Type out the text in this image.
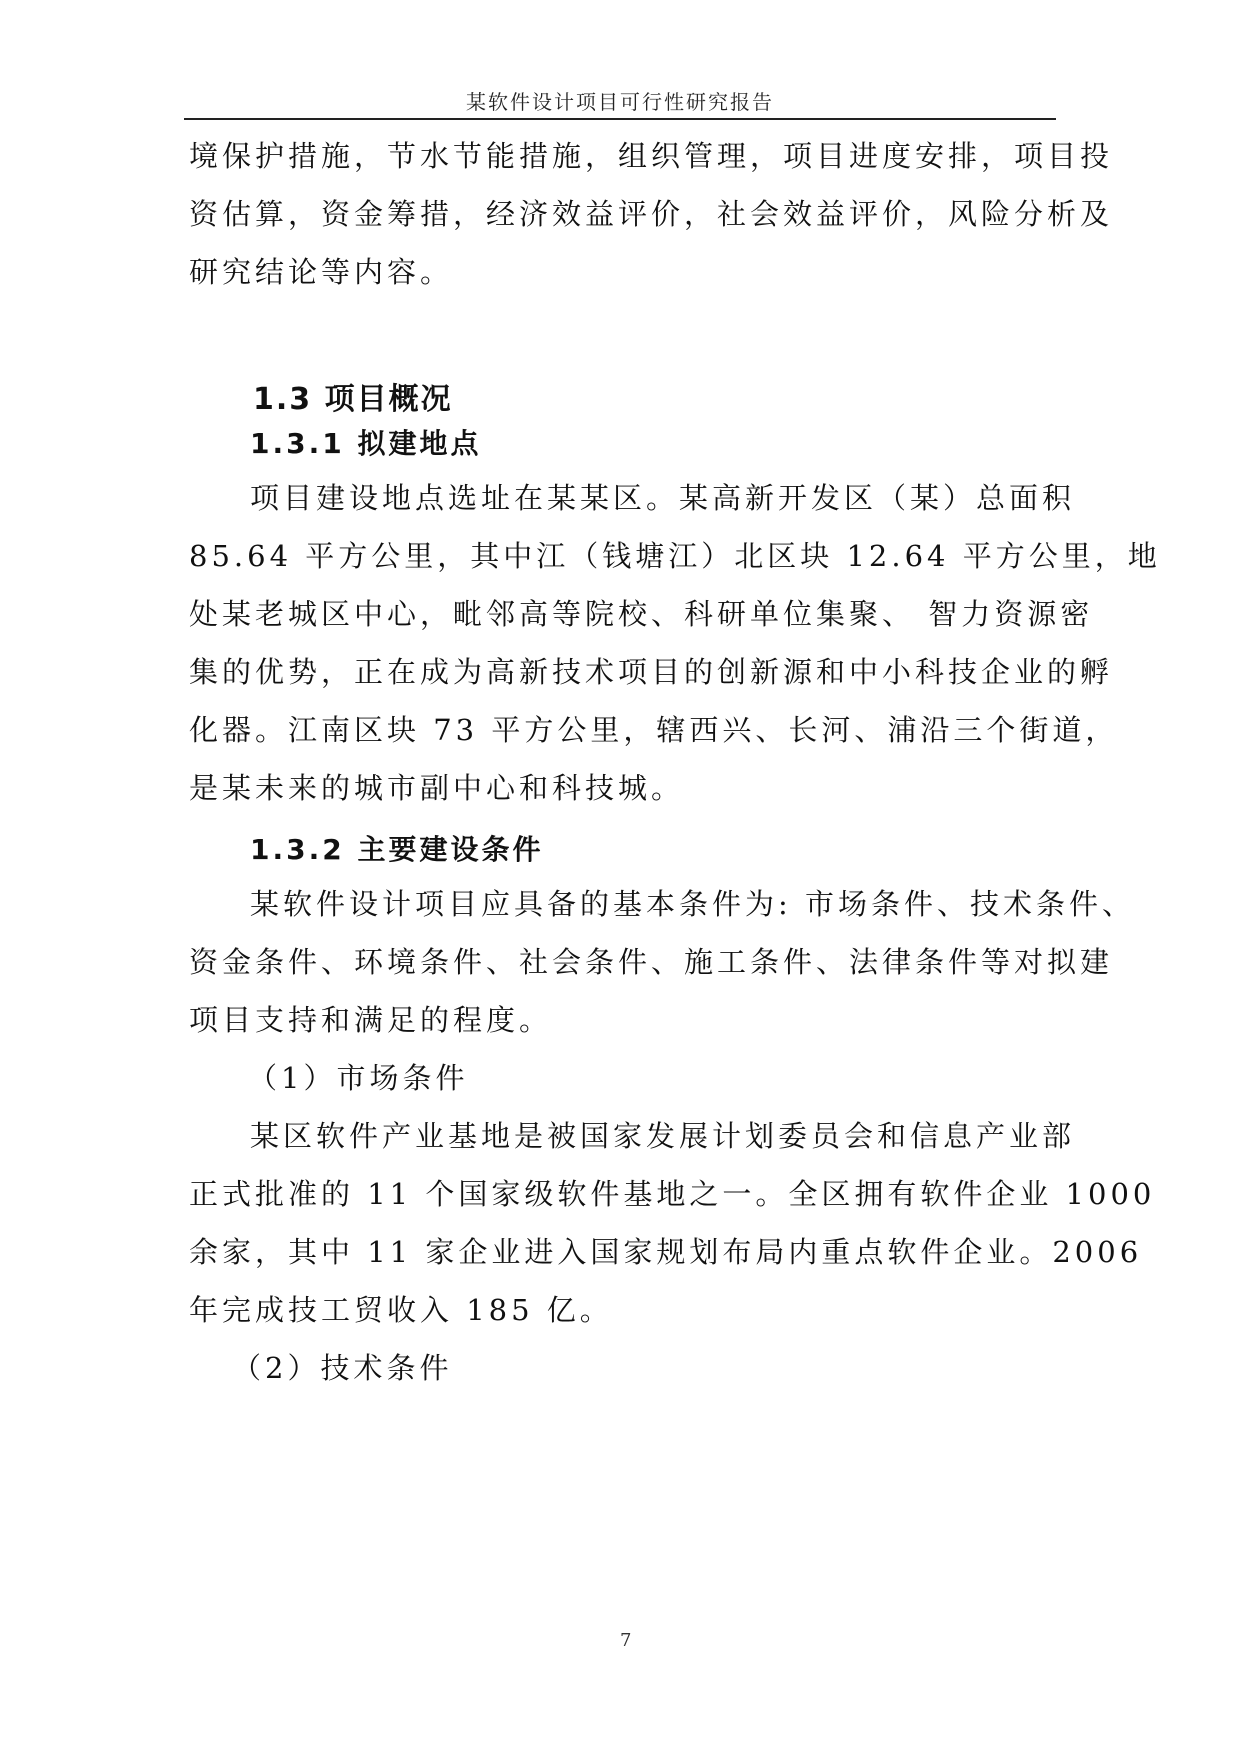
某软件设计项目可行性研究报告
境保护措施，节水节能措施，组织管理，项目进度安排，项目投
资估算，资金筹措，经济效益评价，社会效益评价，风险分析及
研究结论等内容。
1.3 项目概况
1.3.1 拟建地点
项目建设地点选址在某某区。某高新开发区（某）总面积
85.64 平方公里，其中江（钱塘江）北区块 12.64 平方公里，地
处某老城区中心，毗邻高等院校、科研单位集聚、 智力资源密
集的优势，正在成为高新技术项目的创新源和中小科技企业的孵
化器。江南区块 73 平方公里，辖西兴、长河、浦沿三个街道，
是某未来的城市副中心和科技城。
1.3.2 主要建设条件
某软件设计项目应具备的基本条件为: 市场条件、技术条件、
资金条件、环境条件、社会条件、施工条件、法律条件等对拟建
项目支持和满足的程度。
（1）市场条件
某区软件产业基地是被国家发展计划委员会和信息产业部
正式批准的 11 个国家级软件基地之一。全区拥有软件企业 1000
余家，其中 11 家企业进入国家规划布局内重点软件企业。2006
年完成技工贸收入 185 亿。
（2）技术条件
7
